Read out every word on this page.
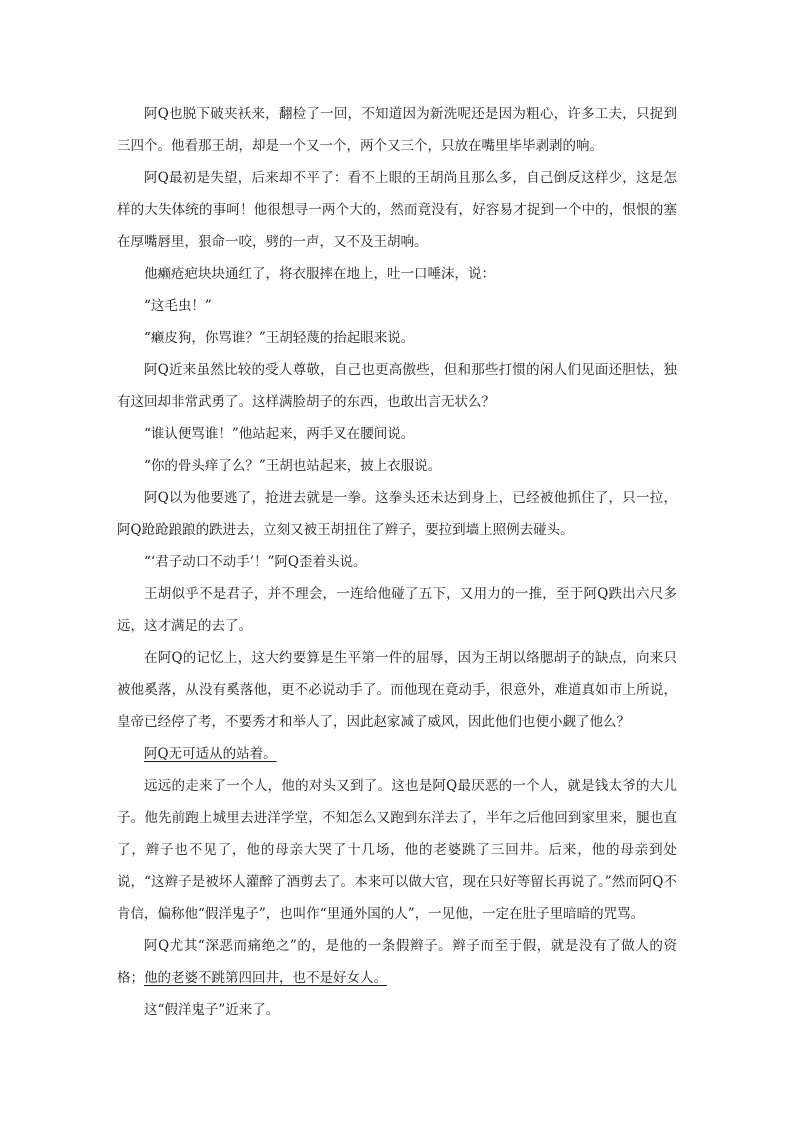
阿Q也脱下破夹袄来，翻检了一回，不知道因为新洗呢还是因为粗心，许多工夫，只捉到三四个。他看那王胡，却是一个又一个，两个又三个，只放在嘴里毕毕剥剥的响。

阿Q最初是失望，后来却不平了：看不上眼的王胡尚且那么多，自己倒反这样少，这是怎样的大失体统的事呵！他很想寻一两个大的，然而竟没有，好容易才捉到一个中的，恨恨的塞在厚嘴唇里，狠命一咬，劈的一声，又不及王胡响。

他癞疮疤块块通红了，将衣服摔在地上，吐一口唾沫，说：

“这毛虫！”

“癞皮狗，你骂谁？”王胡轻蔑的抬起眼来说。

阿Q近来虽然比较的受人尊敬，自己也更高傲些，但和那些打惯的闲人们见面还胆怯，独有这回却非常武勇了。这样满脸胡子的东西，也敢出言无状么？

“谁认便骂谁！”他站起来，两手叉在腰间说。

“你的骨头痒了么？”王胡也站起来，披上衣服说。

阿Q以为他要逃了，抢进去就是一拳。这拳头还未达到身上，已经被他抓住了，只一拉，阿Q跄跄踉踉的跌进去，立刻又被王胡扭住了辫子，要拉到墙上照例去碰头。

“‘君子动口不动手’！”阿Q歪着头说。

王胡似乎不是君子，并不理会，一连给他碰了五下，又用力的一推，至于阿Q跌出六尺多远，这才满足的去了。

在阿Q的记忆上，这大约要算是生平第一件的屈辱，因为王胡以络腮胡子的缺点，向来只被他奚落，从没有奚落他，更不必说动手了。而他现在竟动手，很意外，难道真如市上所说，皇帝已经停了考，不要秀才和举人了，因此赵家减了威风，因此他们也便小觑了他么？

阿Q无可适从的站着。

远远的走来了一个人，他的对头又到了。这也是阿Q最厌恶的一个人，就是钱太爷的大儿子。他先前跑上城里去进洋学堂，不知怎么又跑到东洋去了，半年之后他回到家里来，腿也直了，辫子也不见了，他的母亲大哭了十几场，他的老婆跳了三回井。后来，他的母亲到处说，“这辫子是被坏人灌醉了酒剪去了。本来可以做大官，现在只好等留长再说了。”然而阿Q不肯信，偏称他“假洋鬼子”，也叫作“里通外国的人”，一见他，一定在肚子里暗暗的咒骂。

阿Q尤其“深恶而痛绝之”的，是他的一条假辫子。辫子而至于假，就是没有了做人的资格；他的老婆不跳第四回井，也不是好女人。

这“假洋鬼子”近来了。
